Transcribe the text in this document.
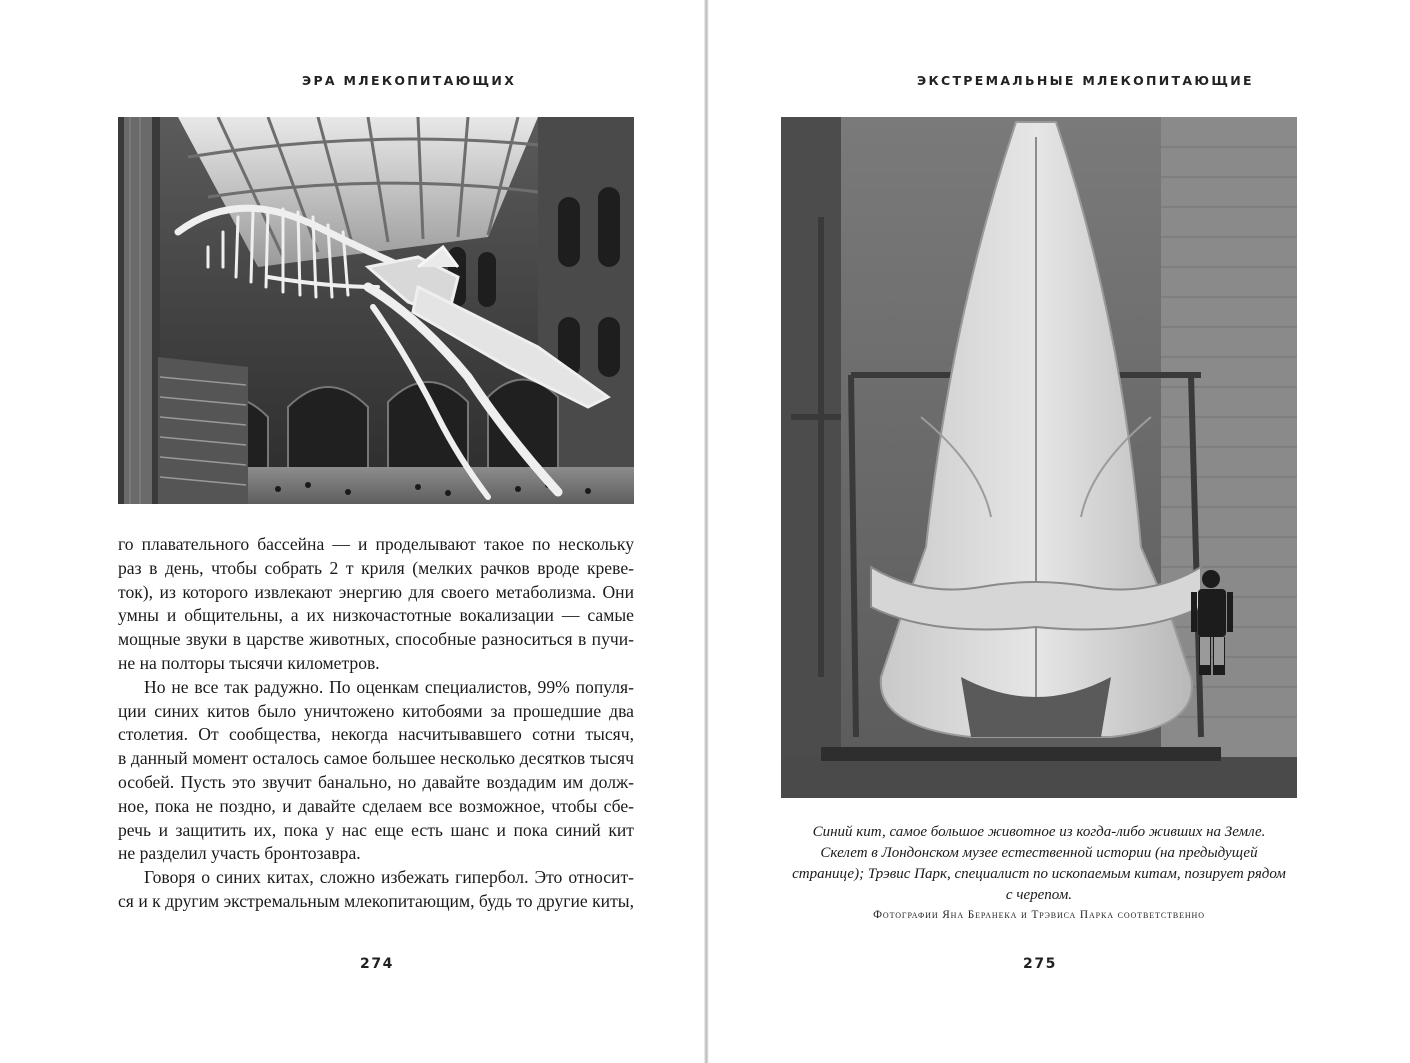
ЭРА МЛЕКОПИТАЮЩИХ
го плавательного бассейна — и проделывают такое по нескольку
раз в день, чтобы собрать 2 т криля (мелких рачков вроде креве-
ток), из которого извлекают энергию для своего метаболизма. Они
умны и общительны, а их низкочастотные вокализации — самые
мощные звуки в царстве животных, способные разноситься в пучи-
не на полторы тысячи километров.
Но не все так радужно. По оценкам специалистов, 99% популя-
ции синих китов было уничтожено китобоями за прошедшие два
столетия. От сообщества, некогда насчитывавшего сотни тысяч,
в данный момент осталось самое большее несколько десятков тысяч
особей. Пусть это звучит банально, но давайте воздадим им долж-
ное, пока не поздно, и давайте сделаем все возможное, чтобы сбе-
речь и защитить их, пока у нас еще есть шанс и пока синий кит
не разделил участь бронтозавра.
Говоря о синих китах, сложно избежать гипербол. Это относит-
ся и к другим экстремальным млекопитающим, будь то другие киты,
274
ЭКСТРЕМАЛЬНЫЕ МЛЕКОПИТАЮЩИЕ
Синий кит, самое большое животное из когда-либо живших на Земле.
Скелет в Лондонском музее естественной истории (на предыдущей
странице); Трэвис Парк, специалист по ископаемым китам, позирует рядом
с черепом.
Фотографии Яна Беранека и Трэвиса Парка соответственно
275
